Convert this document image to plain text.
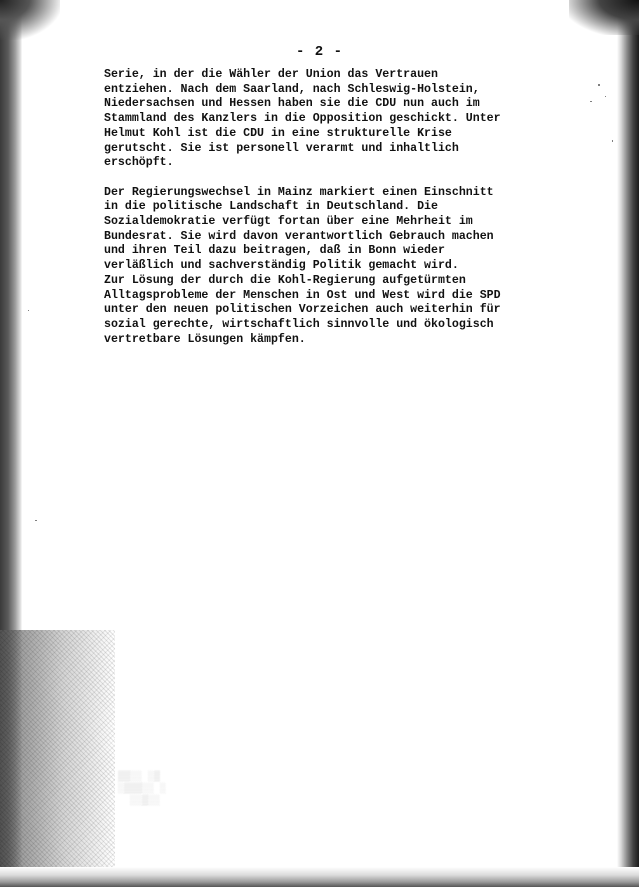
- 2 -

Serie, in der die Wähler der Union das Vertrauen
entziehen. Nach dem Saarland, nach Schleswig-Holstein,
Niedersachsen und Hessen haben sie die CDU nun auch im
Stammland des Kanzlers in die Opposition geschickt. Unter
Helmut Kohl ist die CDU in eine strukturelle Krise
gerutscht. Sie ist personell verarmt und inhaltlich
erschöpft.

Der Regierungswechsel in Mainz markiert einen Einschnitt
in die politische Landschaft in Deutschland. Die
Sozialdemokratie verfügt fortan über eine Mehrheit im
Bundesrat. Sie wird davon verantwortlich Gebrauch machen
und ihren Teil dazu beitragen, daß in Bonn wieder
verläßlich und sachverständig Politik gemacht wird.
Zur Lösung der durch die Kohl-Regierung aufgetürmten
Alltagsprobleme der Menschen in Ost und West wird die SPD
unter den neuen politischen Vorzeichen auch weiterhin für
sozial gerechte, wirtschaftlich sinnvolle und ökologisch
vertretbare Lösungen kämpfen.

▒▒░░ ░▒
░▒▒▒░░ ░
░░▒░░
